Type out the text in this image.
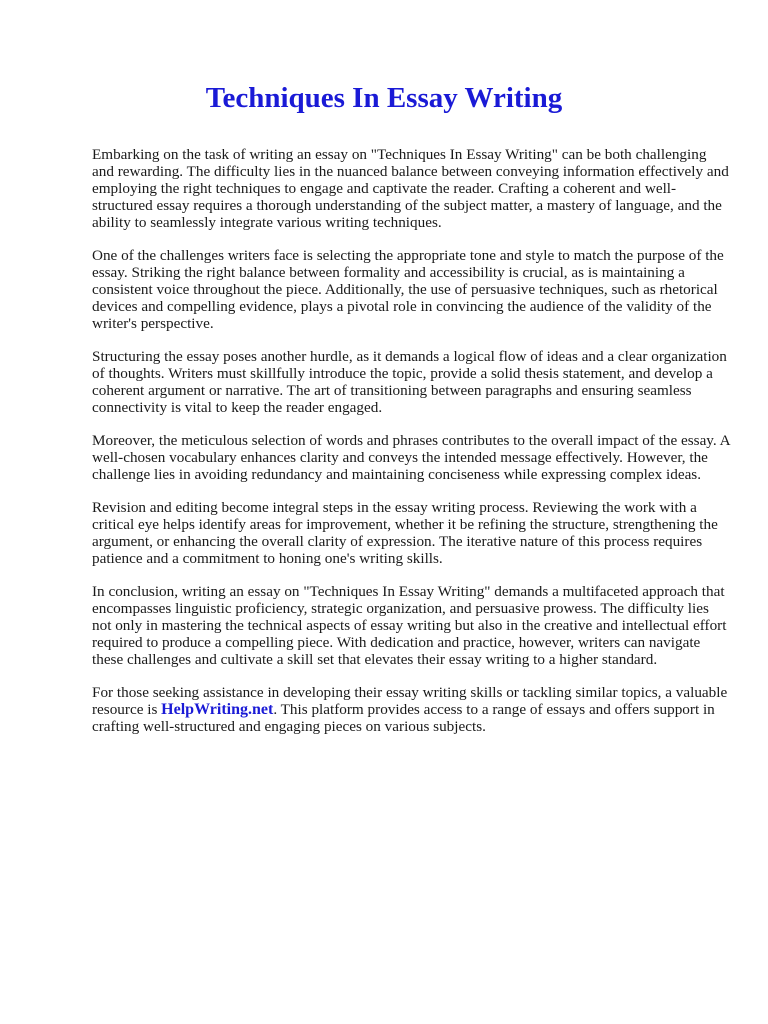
Techniques In Essay Writing

Embarking on the task of writing an essay on "Techniques In Essay Writing" can be both challenging and rewarding. The difficulty lies in the nuanced balance between conveying information effectively and employing the right techniques to engage and captivate the reader. Crafting a coherent and well-structured essay requires a thorough understanding of the subject matter, a mastery of language, and the ability to seamlessly integrate various writing techniques.

One of the challenges writers face is selecting the appropriate tone and style to match the purpose of the essay. Striking the right balance between formality and accessibility is crucial, as is maintaining a consistent voice throughout the piece. Additionally, the use of persuasive techniques, such as rhetorical devices and compelling evidence, plays a pivotal role in convincing the audience of the validity of the writer's perspective.

Structuring the essay poses another hurdle, as it demands a logical flow of ideas and a clear organization of thoughts. Writers must skillfully introduce the topic, provide a solid thesis statement, and develop a coherent argument or narrative. The art of transitioning between paragraphs and ensuring seamless connectivity is vital to keep the reader engaged.

Moreover, the meticulous selection of words and phrases contributes to the overall impact of the essay. A well-chosen vocabulary enhances clarity and conveys the intended message effectively. However, the challenge lies in avoiding redundancy and maintaining conciseness while expressing complex ideas.

Revision and editing become integral steps in the essay writing process. Reviewing the work with a critical eye helps identify areas for improvement, whether it be refining the structure, strengthening the argument, or enhancing the overall clarity of expression. The iterative nature of this process requires patience and a commitment to honing one's writing skills.

In conclusion, writing an essay on "Techniques In Essay Writing" demands a multifaceted approach that encompasses linguistic proficiency, strategic organization, and persuasive prowess. The difficulty lies not only in mastering the technical aspects of essay writing but also in the creative and intellectual effort required to produce a compelling piece. With dedication and practice, however, writers can navigate these challenges and cultivate a skill set that elevates their essay writing to a higher standard.

For those seeking assistance in developing their essay writing skills or tackling similar topics, a valuable resource is HelpWriting.net. This platform provides access to a range of essays and offers support in crafting well-structured and engaging pieces on various subjects.
